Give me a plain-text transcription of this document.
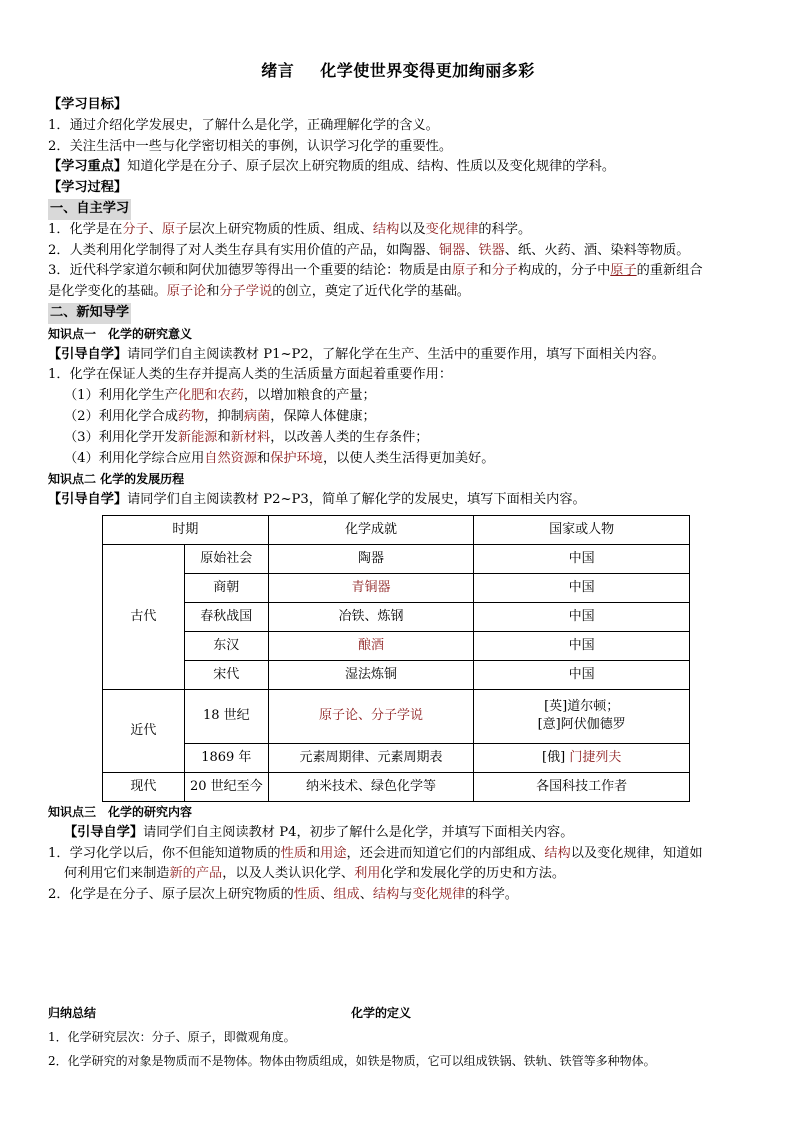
绪言 化学使世界变得更加绚丽多彩
【学习目标】
1．通过介绍化学发展史，了解什么是化学，正确理解化学的含义。
2．关注生活中一些与化学密切相关的事例，认识学习化学的重要性。
【学习重点】知道化学是在分子、原子层次上研究物质的组成、结构、性质以及变化规律的学科。
【学习过程】
一、自主学习
1．化学是在分子、原子层次上研究物质的性质、组成、结构以及变化规律的科学。
2．人类利用化学制得了对人类生存具有实用价值的产品，如陶器、铜器、铁器、纸、火药、酒、染料等物质。
3．近代科学家道尔顿和阿伏加德罗等得出一个重要的结论：物质是由原子和分子构成的，分子中原子的重新组合
是化学变化的基础。原子论和分子学说的创立，奠定了近代化学的基础。
二、新知导学
知识点一　化学的研究意义
【引导自学】请同学们自主阅读教材 P1~P2，了解化学在生产、生活中的重要作用，填写下面相关内容。
1．化学在保证人类的生存并提高人类的生活质量方面起着重要作用：
（1）利用化学生产化肥和农药，以增加粮食的产量；
（2）利用化学合成药物，抑制病菌，保障人体健康；
（3）利用化学开发新能源和新材料，以改善人类的生存条件；
（4）利用化学综合应用自然资源和保护环境，以使人类生活得更加美好。
知识点二 化学的发展历程
【引导自学】请同学们自主阅读教材 P2~P3，简单了解化学的发展史，填写下面相关内容。
时期		化学成就	国家或人物
古代	原始社会	陶器	中国
	商朝	青铜器	中国
	春秋战国	冶铁、炼钢	中国
	东汉	酿酒	中国
	宋代	湿法炼铜	中国
近代	18 世纪	原子论、分子学说	[英]道尔顿；
[意]阿伏伽德罗

	1869 年	元素周期律、元素周期表	[俄] 门捷列夫
现代	20 世纪至今	纳米技术、绿色化学等	各国科技工作者
知识点三　化学的研究内容
【引导自学】请同学们自主阅读教材 P4，初步了解什么是化学，并填写下面相关内容。
1．学习化学以后，你不但能知道物质的性质和用途，还会进而知道它们的内部组成、结构以及变化规律，知道如
何利用它们来制造新的产品，以及人类认识化学、利用化学和发展化学的历史和方法。
2．化学是在分子、原子层次上研究物质的性质、组成、结构与变化规律的科学。
归纳总结	化学的定义
1．化学研究层次：分子、原子，即微观角度。
2．化学研究的对象是物质而不是物体。物体由物质组成，如铁是物质，它可以组成铁锅、铁轨、铁管等多种物体。
